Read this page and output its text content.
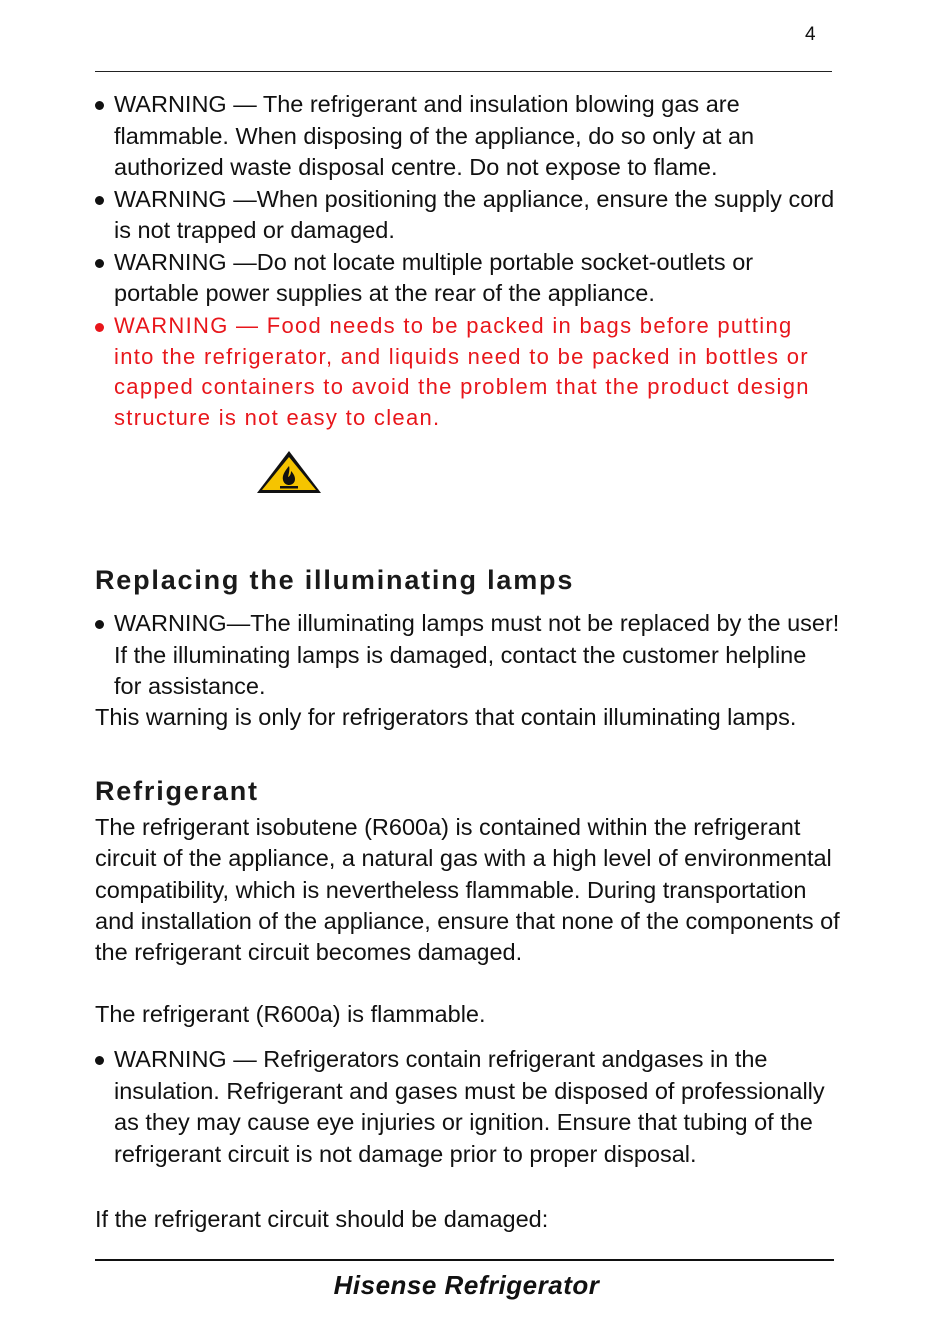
4
WARNING — The refrigerant and insulation blowing gas are flammable. When disposing of the appliance, do so only at an authorized waste disposal centre. Do not expose to flame.
WARNING —When positioning the appliance, ensure the supply cord is not trapped or damaged.
WARNING —Do not locate multiple portable socket-outlets or portable power supplies at the rear of the appliance.
WARNING — Food needs to be packed in bags before putting into the refrigerator, and liquids need to be packed in bottles or capped containers to avoid the problem that the product design structure is not easy to clean.
Replacing the illuminating lamps
WARNING—The illuminating lamps must not be replaced by the user! If the illuminating lamps is damaged, contact the customer helpline for assistance.
This warning is only for refrigerators that contain illuminating lamps.
Refrigerant
The refrigerant isobutene (R600a) is contained within the refrigerant circuit of the appliance, a natural gas with a high level of environmental compatibility, which is nevertheless flammable. During transportation and installation of the appliance, ensure that none of the components of the refrigerant circuit becomes damaged.
The refrigerant (R600a) is flammable.
WARNING — Refrigerators contain refrigerant andgases in the insulation. Refrigerant and gases must be disposed of professionally as they may cause eye injuries or ignition. Ensure that tubing of the refrigerant circuit is not damage prior to proper disposal.
If the refrigerant circuit should be damaged:
Hisense Refrigerator
